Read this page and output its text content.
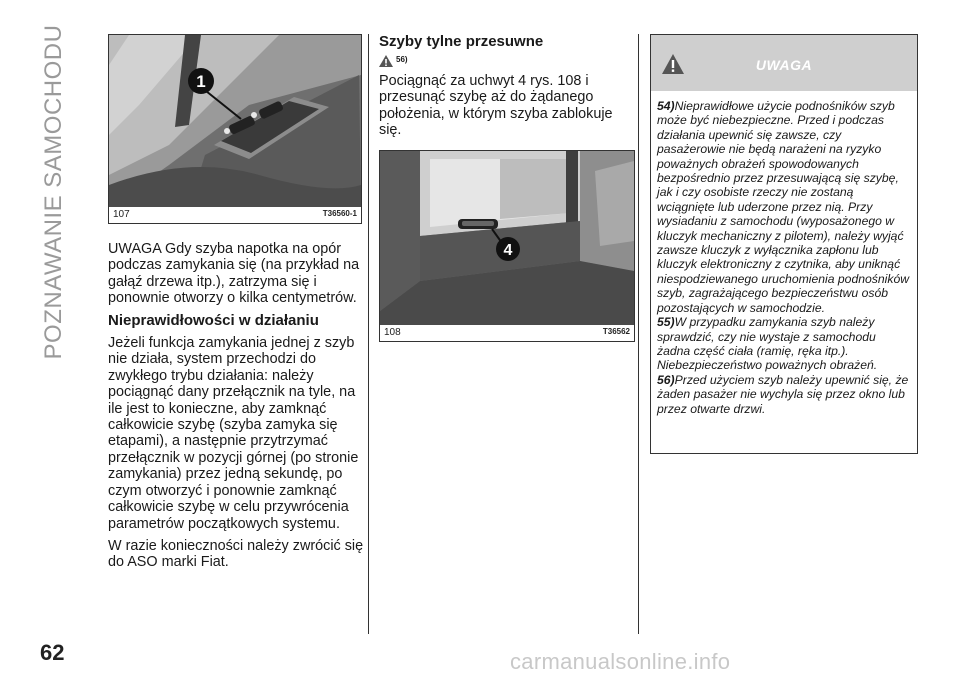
POZNAWANIE SAMOCHODU	1
107	T36560-1

UWAGA Gdy szyba napotka na opór podczas zamykania się (na przykład na gałąź drzewa itp.), zatrzyma się i ponownie otworzy o kilka centymetrów.

Nieprawidłowości w działaniu

Jeżeli funkcja zamykania jednej z szyb nie działa, system przechodzi do zwykłego trybu działania: należy pociągnąć dany przełącznik na tyle, na ile jest to konieczne, aby zamknąć całkowicie szybę (szyba zamyka się etapami), a następnie przytrzymać przełącznik w pozycji górnej (po stronie zamykania) przez jedną sekundę, po czym otworzyć i ponownie zamknąć całkowicie szybę w celu przywrócenia parametrów początkowych systemu.

W razie konieczności należy zwrócić się do ASO marki Fiat.

Szyby tylne przesuwne
56)

Pociągnąć za uchwyt 4 rys. 108 i przesunąć szybę aż do żądanego położenia, w którym szyba zablokuje się.

4
108	T36562
UWAGA
54)Nieprawidłowe użycie podnośników szyb może być niebezpieczne. Przed i podczas działania upewnić się zawsze, czy pasażerowie nie będą narażeni na ryzyko poważnych obrażeń spowodowanych bezpośrednio przez przesuwającą się szybę, jak i czy osobiste rzeczy nie zostaną wciągnięte lub uderzone przez nią. Przy wysiadaniu z samochodu (wyposażonego w kluczyk mechaniczny z pilotem), należy wyjąć zawsze kluczyk z wyłącznika zapłonu lub kluczyk elektroniczny z czytnika, aby uniknąć niespodziewanego uruchomienia podnośników szyb, zagrażającego bezpieczeństwu osób pozostających w samochodzie.
55)W przypadku zamykania szyb należy sprawdzić, czy nie wystaje z samochodu żadna część ciała (ramię, ręka itp.). Niebezpieczeństwo poważnych obrażeń.
56)Przed użyciem szyb należy upewnić się, że żaden pasażer nie wychyla się przez okno lub przez otwarte drzwi.
62	carmanualsonline.info
